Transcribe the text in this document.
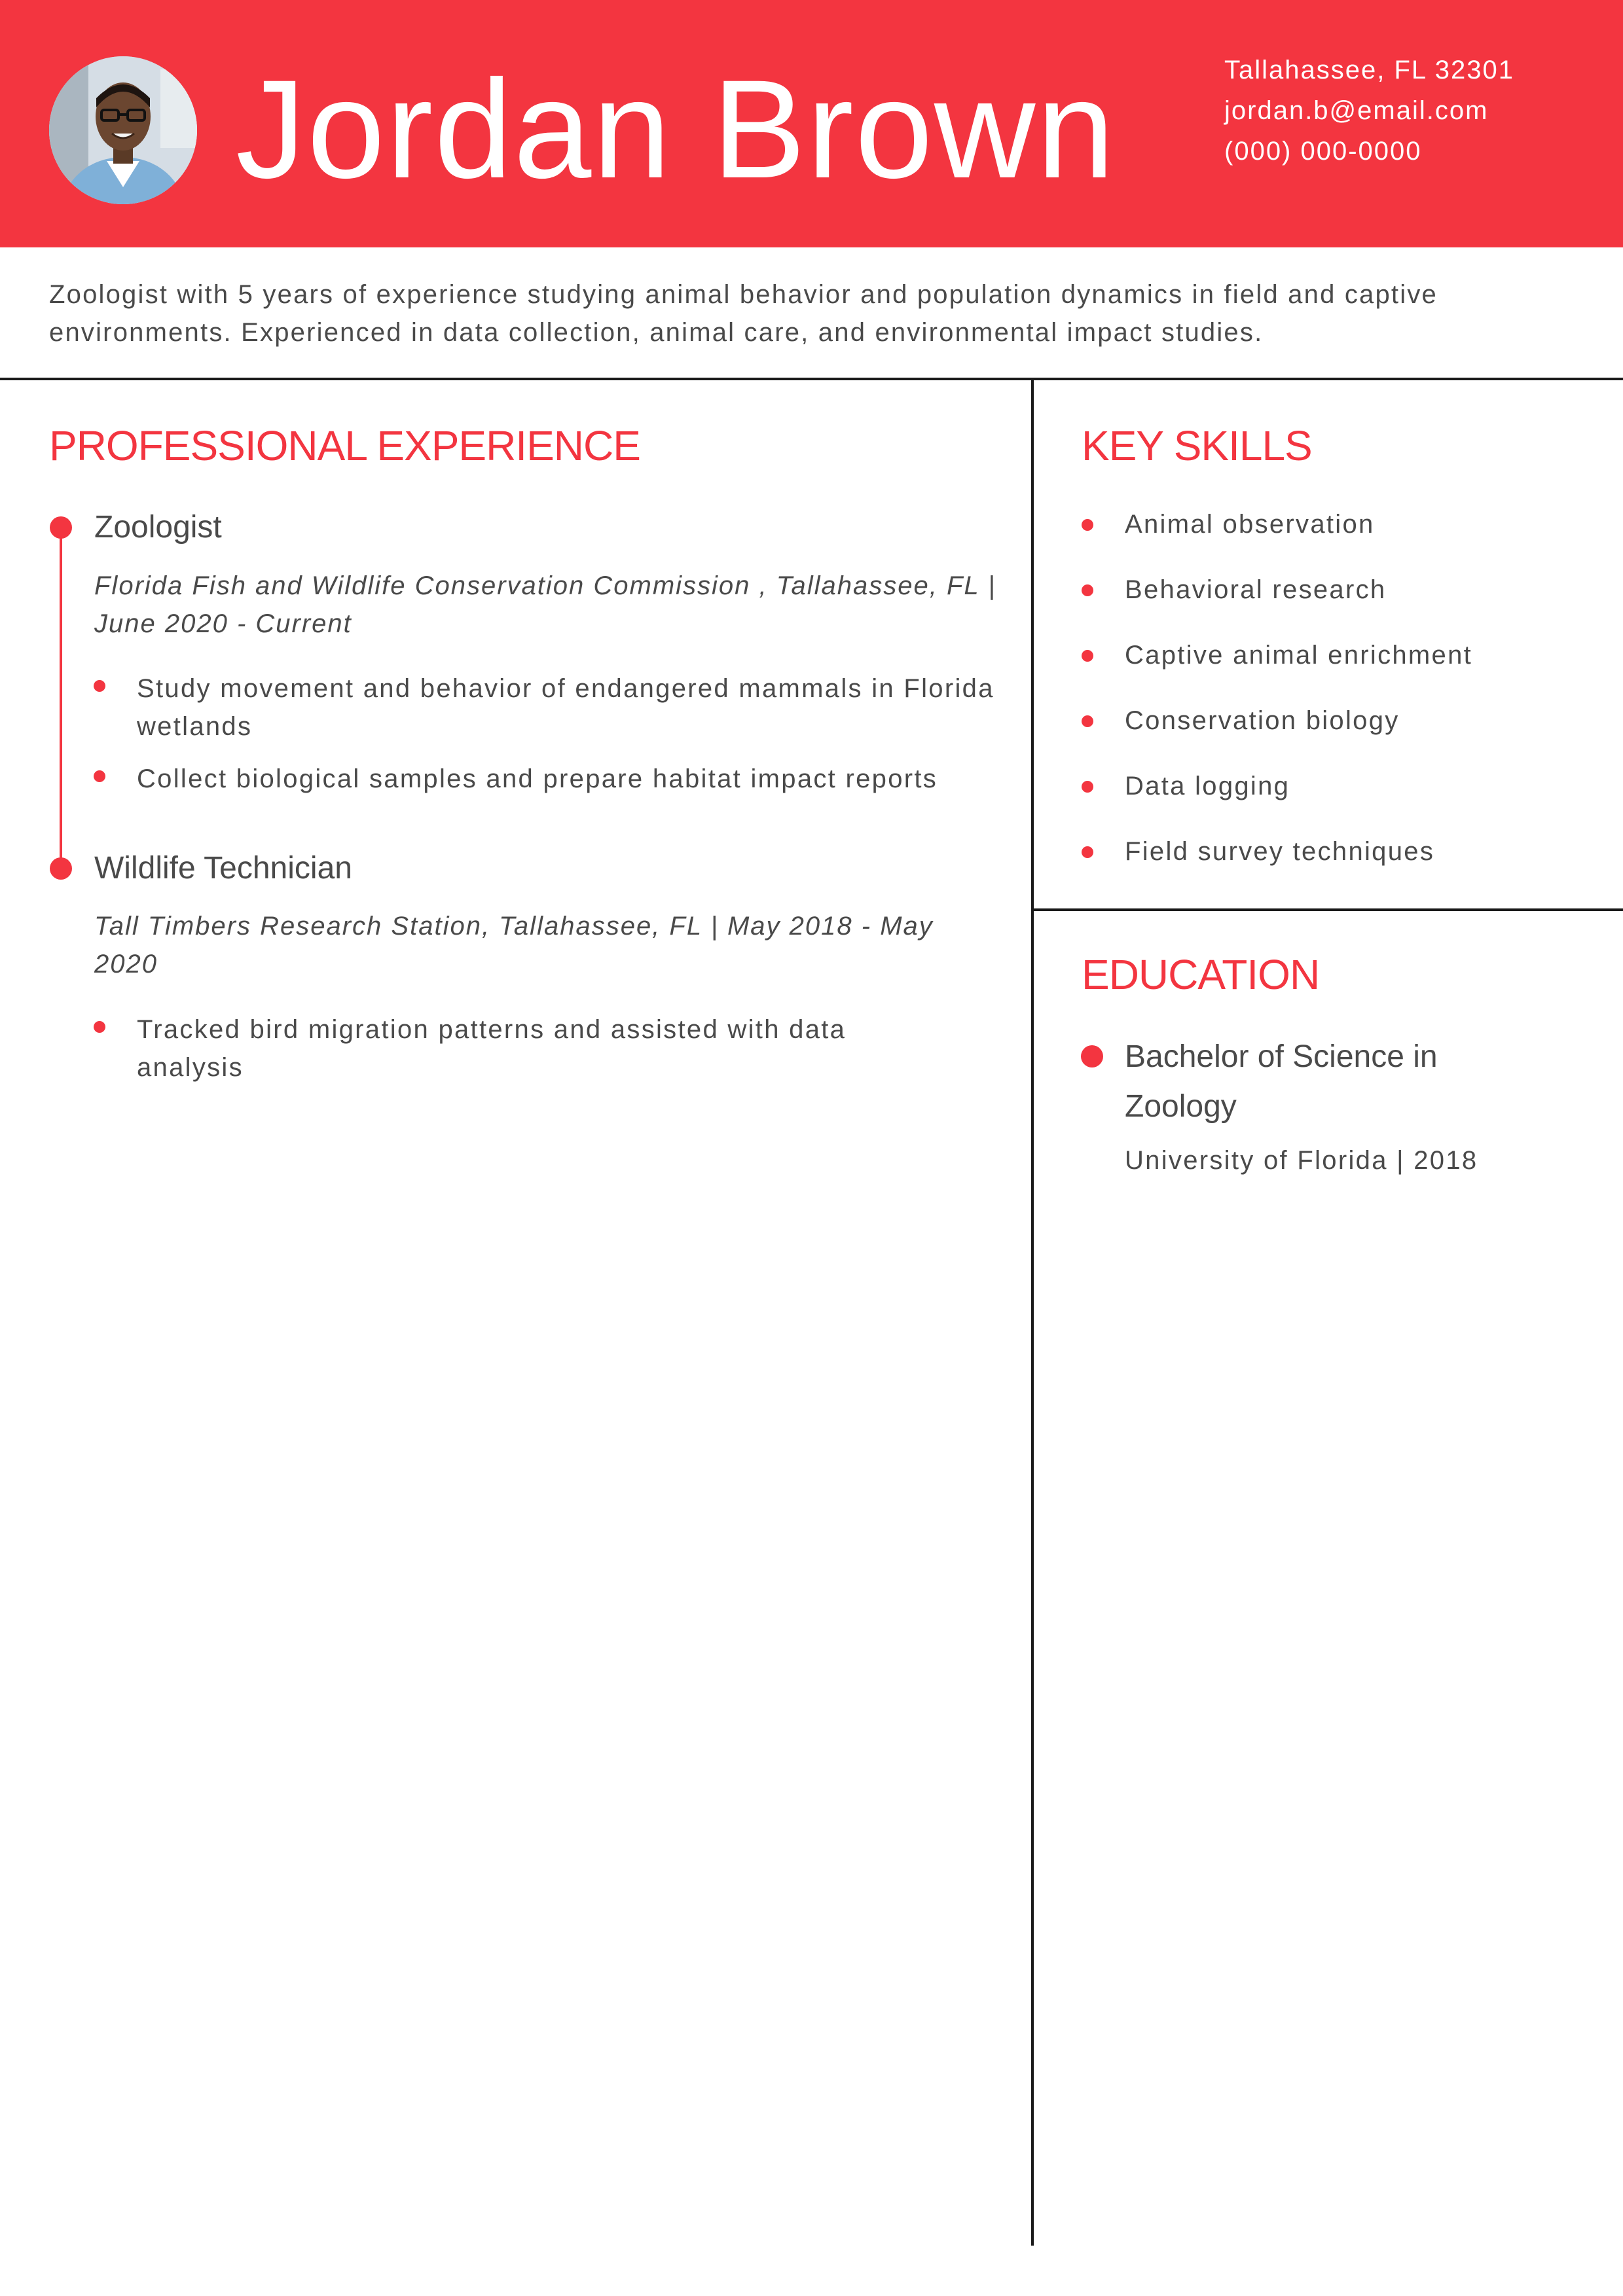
Jordan Brown	Tallahassee, FL 32301
jordan.b@email.com
(000) 000-0000
Zoologist with 5 years of experience studying animal behavior and population dynamics in field and captive environments. Experienced in data collection, animal care, and environmental impact studies.
PROFESSIONAL EXPERIENCE
Zoologist
Florida Fish and Wildlife Conservation Commission , Tallahassee, FL | June 2020 - Current
Study movement and behavior of endangered mammals in Florida wetlands
Collect biological samples and prepare habitat impact reports
Wildlife Technician
Tall Timbers Research Station, Tallahassee, FL | May 2018 - May 2020
Tracked bird migration patterns and assisted with data analysis
KEY SKILLS
Animal observation
Behavioral research
Captive animal enrichment
Conservation biology
Data logging
Field survey techniques
EDUCATION
Bachelor of Science in Zoology
University of Florida | 2018
